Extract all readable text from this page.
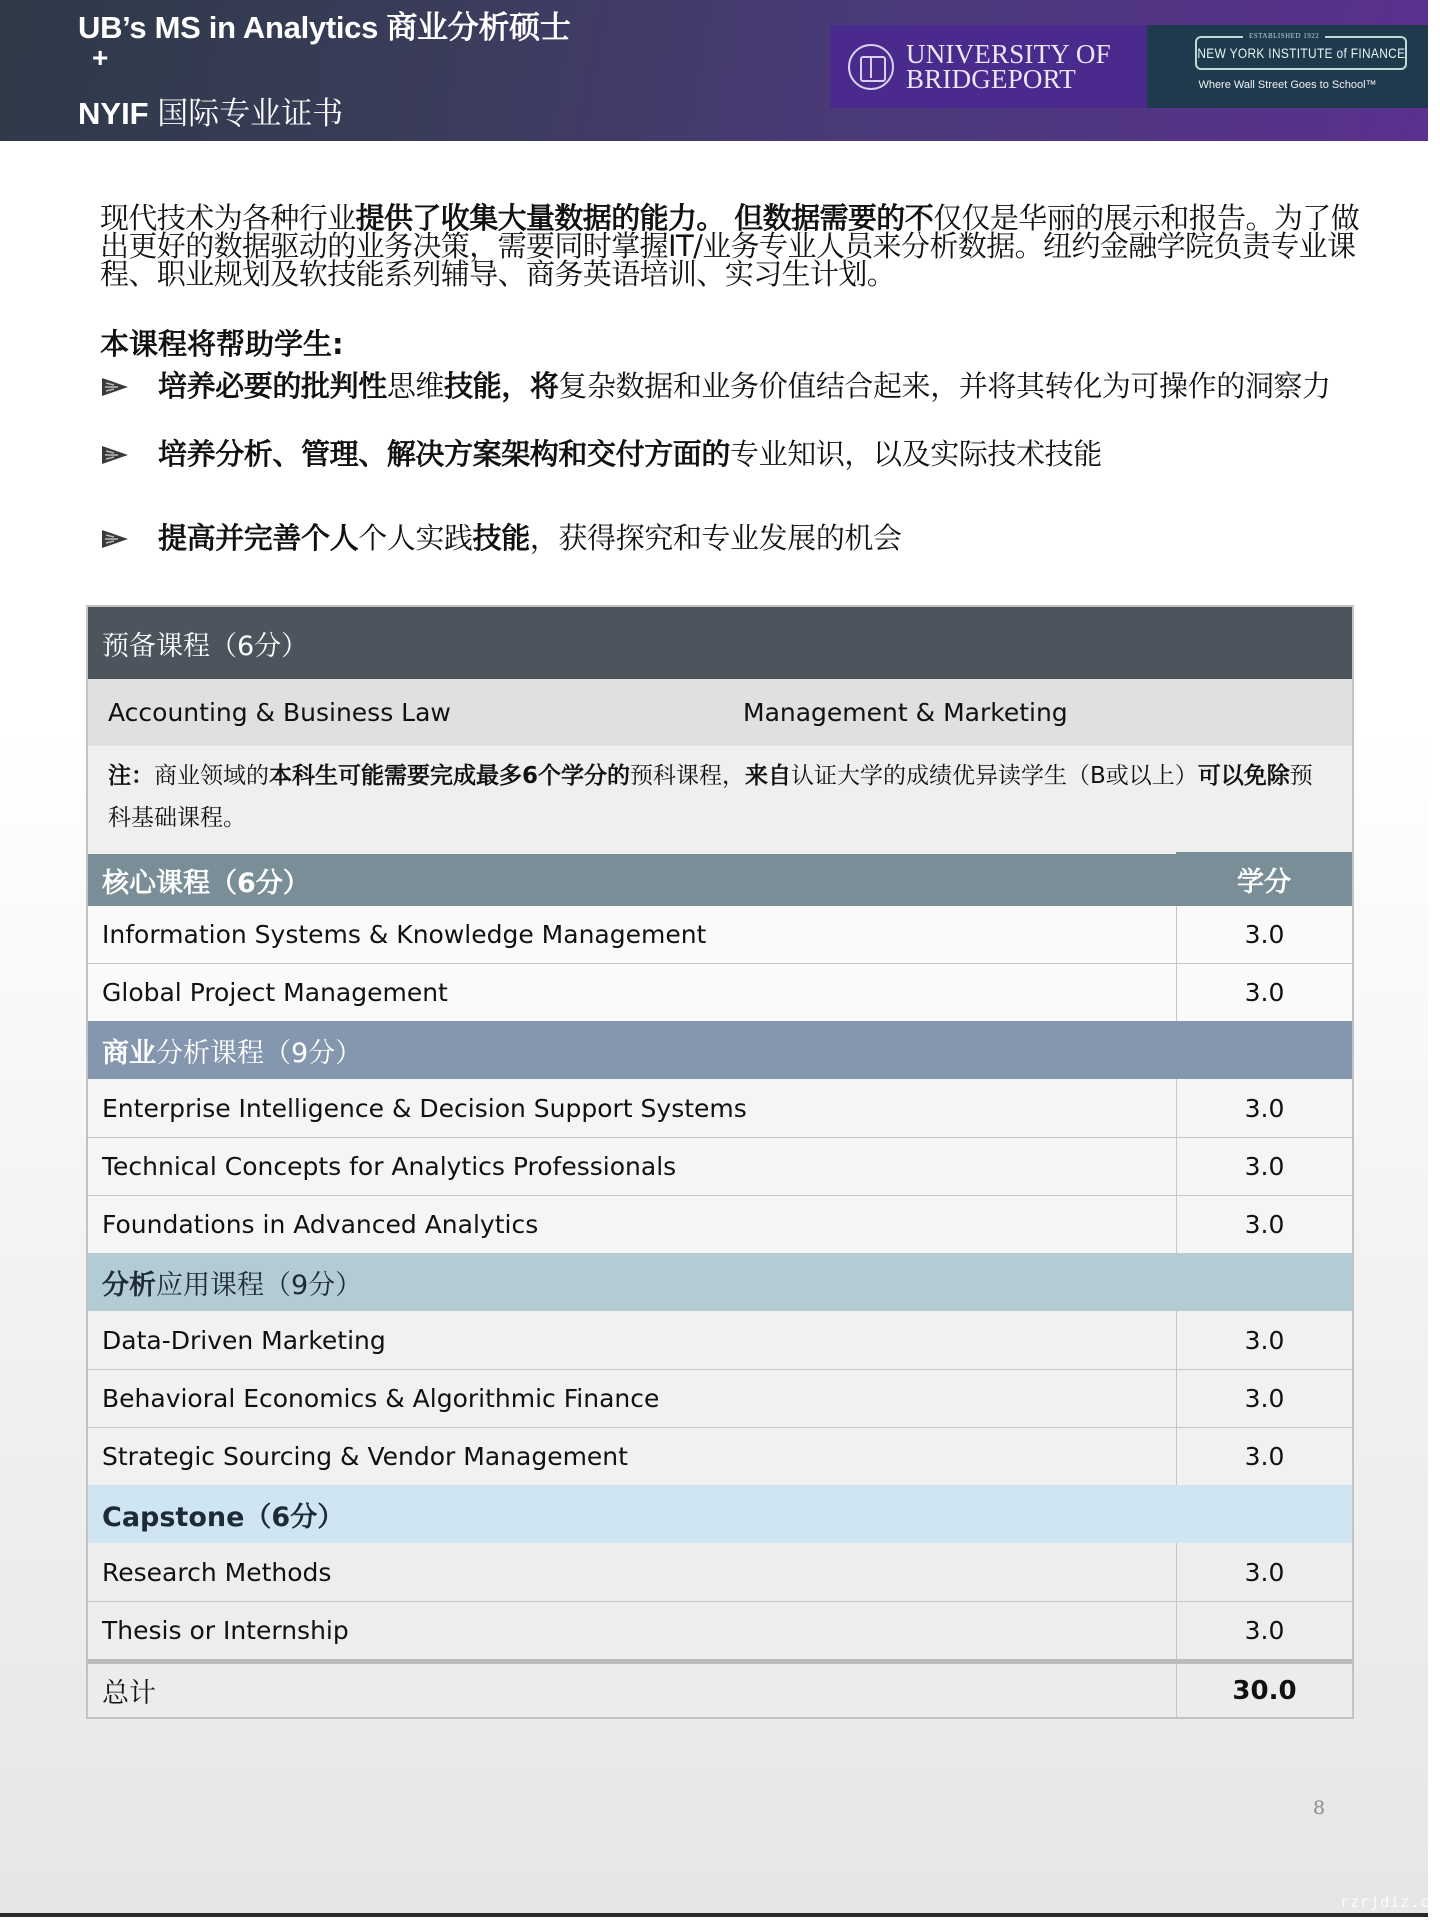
UB’s MS in Analytics 商业分析硕士
+
NYIF 国际专业证书
UNIVERSITY OF
BRIDGEPORT
NEW YORK INSTITUTE of FINANCE
ESTABLISHED 1922
Where Wall Street Goes to School™
现代技术为各种行业提供了收集大量数据的能力。 但数据需要的不仅仅是华丽的展示和报告。为了做出更好的数据驱动的业务决策，需要同时掌握IT/业务专业人员来分析数据。纽约金融学院负责专业课程、职业规划及软技能系列辅导、商务英语培训、实习生计划。
本课程将帮助学生:
培养必要的批判性思维技能，将复杂数据和业务价值结合起来，并将其转化为可操作的洞察力
培养分析、管理、解决方案架构和交付方面的专业知识，以及实际技术技能
提高并完善个人个人实践技能，获得探究和专业发展的机会
预备课程（6分）
Accounting & Business Law	Management & Marketing
注：商业领域的本科生可能需要完成最多6个学分的预科课程，来自认证大学的成绩优异读学生（B或以上）可以免除预科基础课程。
核心课程（6分）	学分
Information Systems & Knowledge Management	3.0
Global Project Management	3.0
商业分析课程（9分）
Enterprise Intelligence & Decision Support Systems	3.0
Technical Concepts for Analytics Professionals	3.0
Foundations in Advanced Analytics	3.0
分析应用课程（9分）
Data-Driven Marketing	3.0
Behavioral Economics & Algorithmic Finance	3.0
Strategic Sourcing & Vendor Management	3.0
Capstone（6分）
Research Methods	3.0
Thesis or Internship	3.0
总计	30.0
8
rzrjdiz.co
